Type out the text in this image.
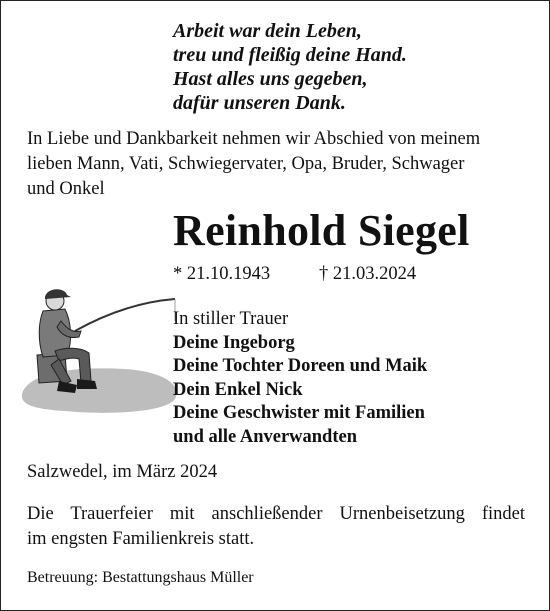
Arbeit war dein Leben,
treu und fleißig deine Hand.
Hast alles uns gegeben,
dafür unseren Dank.
In Liebe und Dankbarkeit nehmen wir Abschied von meinem
lieben Mann, Vati, Schwiegervater, Opa, Bruder, Schwager
und Onkel
Reinhold Siegel
* 21.10.1943	† 21.03.2024
In stiller Trauer
Deine Ingeborg
Deine Tochter Doreen und Maik
Dein Enkel Nick
Deine Geschwister mit Familien
und alle Anverwandten
Salzwedel, im März 2024
Die Trauerfeier mit anschließender Urnenbeisetzung findet
im engsten Familienkreis statt.
Betreuung: Bestattungshaus Müller
